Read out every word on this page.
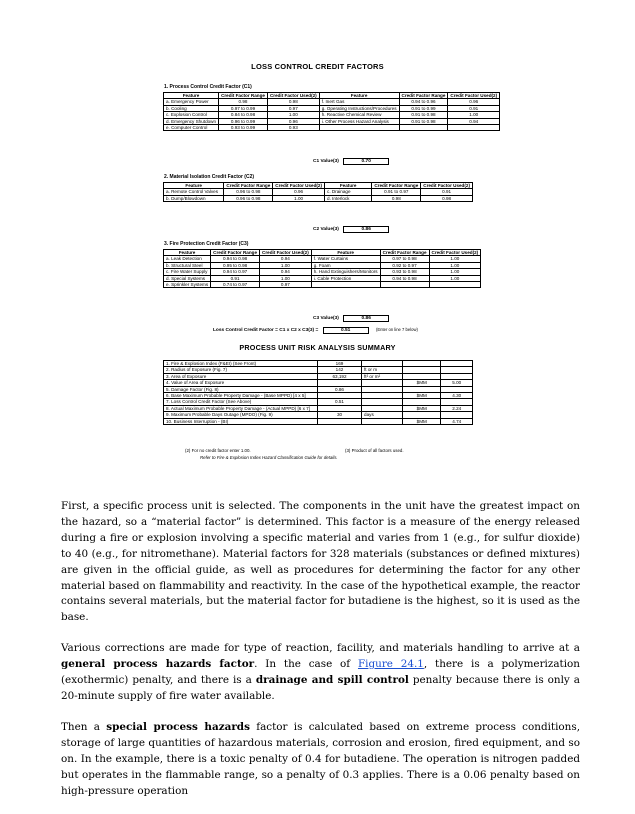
LOSS CONTROL CREDIT FACTORS
1. Process Control Credit Factor (C1)
Feature	Credit Factor Range	Credit Factor Used(2)	Feature	Credit Factor Range	Credit Factor Used(2)
a. Emergency Power	0.98	0.98	f. Inert Gas	0.94 to 0.96	0.96
b. Cooling	0.97 to 0.99	0.97	g. Operating Instructions/Procedures	0.91 to 0.99	0.91
c. Explosion Control	0.84 to 0.98	1.00	h. Reactive Chemical Review	0.91 to 0.98	1.00
d. Emergency Shutdown	0.96 to 0.99	0.96	i. Other Process Hazard Analysis	0.91 to 0.98	0.94
e. Computer Control	0.93 to 0.99	0.93			
C1 Value(3)	0.70
2. Material Isolation Credit Factor (C2)
Feature	Credit Factor Range	Credit Factor Used(2)	Feature	Credit Factor Range	Credit Factor Used(2)
a. Remote Control Valves	0.96 to 0.98	0.96	c. Drainage	0.91 to 0.97	0.91
b. Dump/Blowdown	0.96 to 0.98	1.00	d. Interlock	0.98	0.98
C2 Value(3)	0.86
3. Fire Protection Credit Factor (C3)
Feature	Credit Factor Range	Credit Factor Used(2)	Feature	Credit Factor Range	Credit Factor Used(2)
a. Leak Detection	0.94 to 0.98	0.94	f. Water Curtains	0.97 to 0.98	1.00
b. Structural Steel	0.95 to 0.98	1.00	g. Foam	0.92 to 0.97	1.00
c. Fire Water Supply	0.94 to 0.97	0.94	h. Hand Extinguishers/Monitors	0.93 to 0.98	1.00
d. Special Systems	0.91	1.00	i. Cable Protection	0.94 to 0.98	1.00
e. Sprinkler Systems	0.74 to 0.97	0.97			
C3 Value(3)	0.86
Loss Control Credit Factor = C1 x C2 x C3(3) =	0.51	(Enter on line 7 below)
PROCESS UNIT RISK ANALYSIS SUMMARY
1. Fire & Explosion Index (F&EI) (See Front)	169			
2. Radius of Exposure (Fig. 7)	142	ft or m		
3. Area of Exposure	63,192	ft² or m²		
4. Value of Area of Exposure			$MM	5.00
5. Damage Factor (Fig. 8)	0.86			
6. Base Maximum Probable Property Damage - (Base MPPD) [4 x 5]			$MM	4.30
7. Loss Control Credit Factor (See Above)	0.51			
8. Actual Maximum Probable Property Damage - (Actual MPPD) [6 x 7]			$MM	2.24
9. Maximum Probable Days Outage (MPDO) (Fig. 9)	30	days		
10. Business Interruption - (BI)			$MM	4.74
(2) For no credit factor enter 1.00.	(3) Product of all factors used.
Refer to Fire & Explosion Index Hazard Classification Guide for details.

First, a specific process unit is selected. The components in the unit have the greatest impact on the hazard, so a “material factor” is determined. This factor is a measure of the energy released during a fire or explosion involving a specific material and varies from 1 (e.g., for sulfur dioxide) to 40 (e.g., for nitromethane). Material factors for 328 materials (substances or defined mixtures) are given in the official guide, as well as procedures for determining the factor for any other material based on flammability and reactivity. In the case of the hypothetical example, the reactor contains several materials, but the material factor for butadiene is the highest, so it is used as the base.

Various corrections are made for type of reaction, facility, and materials handling to arrive at a general process hazards factor. In the case of Figure 24.1, there is a polymerization (exothermic) penalty, and there is a drainage and spill control penalty because there is only a 20-minute supply of fire water available.

Then a special process hazards factor is calculated based on extreme process conditions, storage of large quantities of hazardous materials, corrosion and erosion, fired equipment, and so on. In the example, there is a toxic penalty of 0.4 for butadiene. The operation is nitrogen padded but operates in the flammable range, so a penalty of 0.3 applies. There is a 0.06 penalty based on high-pressure operation
